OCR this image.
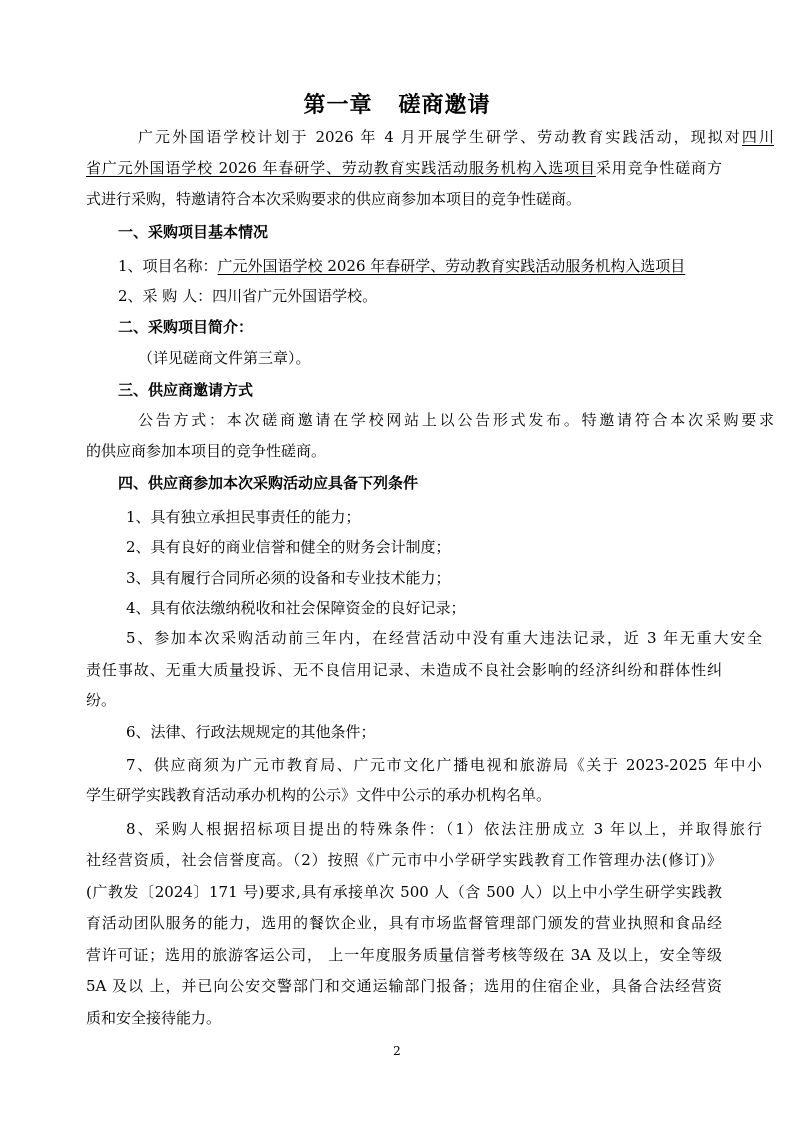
第一章 磋商邀请
广元外国语学校计划于 2026 年 4 月开展学生研学、劳动教育实践活动，现拟对四川
省广元外国语学校 2026 年春研学、劳动教育实践活动服务机构入选项目采用竞争性磋商方
式进行采购，特邀请符合本次采购要求的供应商参加本项目的竞争性磋商。
一、采购项目基本情况
1、项目名称：广元外国语学校 2026 年春研学、劳动教育实践活动服务机构入选项目
2、采 购 人：四川省广元外国语学校。
二、采购项目简介：
（详见磋商文件第三章）。
三、供应商邀请方式
公告方式：本次磋商邀请在学校网站上以公告形式发布。特邀请符合本次采购要求
的供应商参加本项目的竞争性磋商。
四、供应商参加本次采购活动应具备下列条件
1、具有独立承担民事责任的能力；
2、具有良好的商业信誉和健全的财务会计制度；
3、具有履行合同所必须的设备和专业技术能力；
4、具有依法缴纳税收和社会保障资金的良好记录；
5、参加本次采购活动前三年内，在经营活动中没有重大违法记录，近 3 年无重大安全
责任事故、无重大质量投诉、无不良信用记录、未造成不良社会影响的经济纠纷和群体性纠
纷。
6、法律、行政法规规定的其他条件；
7、供应商须为广元市教育局、广元市文化广播电视和旅游局《关于 2023-2025 年中小
学生研学实践教育活动承办机构的公示》文件中公示的承办机构名单。
8、采购人根据招标项目提出的特殊条件：（1）依法注册成立 3 年以上，并取得旅行
社经营资质，社会信誉度高。（2）按照《广元市中小学研学实践教育工作管理办法(修订)》
(广教发〔2024〕171 号)要求,具有承接单次 500 人（含 500 人）以上中小学生研学实践教
育活动团队服务的能力，选用的餐饮企业，具有市场监督管理部门颁发的营业执照和食品经
营许可证；选用的旅游客运公司， 上一年度服务质量信誉考核等级在 3A 及以上，安全等级
5A 及以 上，并已向公安交警部门和交通运输部门报备；选用的住宿企业，具备合法经营资
质和安全接待能力。
2
